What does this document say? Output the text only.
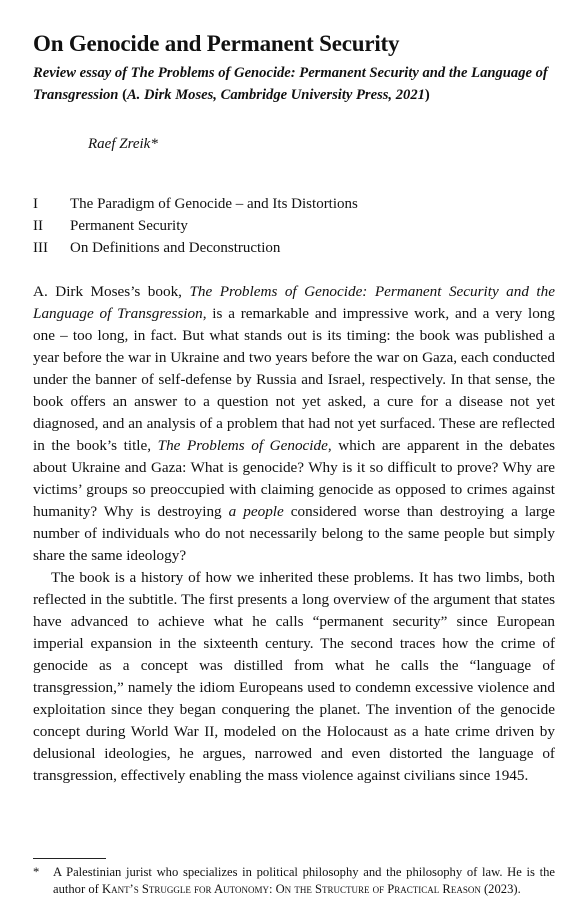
On Genocide and Permanent Security
Review essay of The Problems of Genocide: Permanent Security and the Language of Transgression (A. Dirk Moses, Cambridge University Press, 2021)
Raef Zreik*
I	The Paradigm of Genocide – and Its Distortions
II	Permanent Security
III	On Definitions and Deconstruction

A. Dirk Moses’s book, The Problems of Genocide: Permanent Security and the Language of Transgression, is a remarkable and impressive work, and a very long one – too long, in fact. But what stands out is its timing: the book was published a year before the war in Ukraine and two years before the war on Gaza, each conducted under the banner of self-defense by Russia and Israel, respectively. In that sense, the book offers an answer to a question not yet asked, a cure for a disease not yet diagnosed, and an analysis of a problem that had not yet surfaced. These are reflected in the book’s title, The Problems of Genocide, which are apparent in the debates about Ukraine and Gaza: What is genocide? Why is it so difficult to prove? Why are victims’ groups so preoccupied with claiming genocide as opposed to crimes against humanity? Why is destroying a people considered worse than destroying a large number of individuals who do not necessarily belong to the same people but simply share the same ideology?

The book is a history of how we inherited these problems. It has two limbs, both reflected in the subtitle. The first presents a long overview of the argument that states have advanced to achieve what he calls “permanent security” since European imperial expansion in the sixteenth century. The second traces how the crime of genocide as a concept was distilled from what he calls the “language of transgression,” namely the idiom Europeans used to condemn excessive violence and exploitation since they began conquering the planet. The invention of the genocide concept during World War II, modeled on the Holocaust as a hate crime driven by delusional ideologies, he argues, narrowed and even distorted the language of transgression, effectively enabling the mass violence against civilians since 1945.

*	A Palestinian jurist who specializes in political philosophy and the philosophy of law. He is the author of Kant’s Struggle for Autonomy: On the Structure of Practical Reason (2023).
